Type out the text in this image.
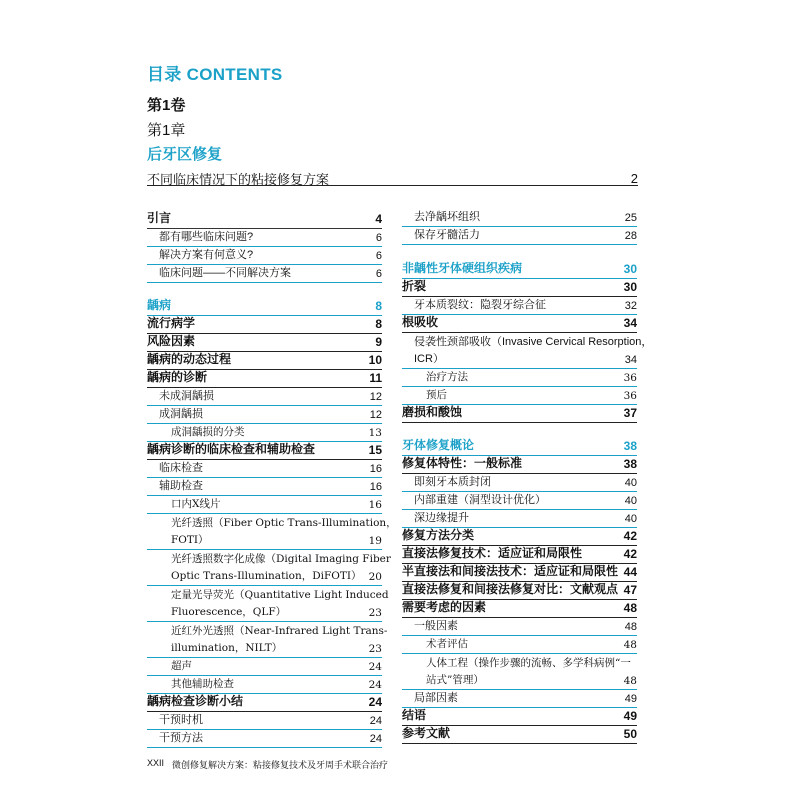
目录 CONTENTS
第1卷
第1章
后牙区修复
不同临床情况下的粘接修复方案	2
引言	4
都有哪些临床问题?	6
解决方案有何意义?	6
临床问题——不同解决方案	6
龋病	8
流行病学	8
风险因素	9
龋病的动态过程	10
龋病的诊断	11
未成洞龋损	12
成洞龋损	12
成洞龋损的分类	13
龋病诊断的临床检查和辅助检查	15
临床检查	16
辅助检查	16
口内X线片	16
光纤透照（Fiber Optic Trans-Illumination，
FOTI）	19
光纤透照数字化成像（Digital Imaging Fiber
Optic Trans-Illumination，DiFOTI） 20
定量光导荧光（Quantitative Light Induced
Fluorescence，QLF）	23
近红外光透照（Near-Infrared Light Trans-
illumination，NILT）	23
超声	24
其他辅助检查	24
龋病检查诊断小结	24
干预时机	24
干预方法	24
去净龋坏组织	25
保存牙髓活力	28
非龋性牙体硬组织疾病	30
折裂	30
牙本质裂纹：隐裂牙综合征	32
根吸收	34
侵袭性颈部吸收（Invasive Cervical Resorption，
ICR）	34
治疗方法	36
预后	36
磨损和酸蚀	37
牙体修复概论	38
修复体特性：一般标准	38
即刻牙本质封闭	40
内部重建（洞型设计优化）	40
深边缘提升	40
修复方法分类	42
直接法修复技术：适应证和局限性	42
半直接法和间接法技术：适应证和局限性 44
直接法修复和间接法修复对比：文献观点 47
需要考虑的因素	48
一般因素	48
术者评估	48
人体工程（操作步骤的流畅、多学科病例“一
站式”管理）	48
局部因素	49
结语	49
参考文献	50
XXII 微创修复解决方案：粘接修复技术及牙周手术联合治疗
